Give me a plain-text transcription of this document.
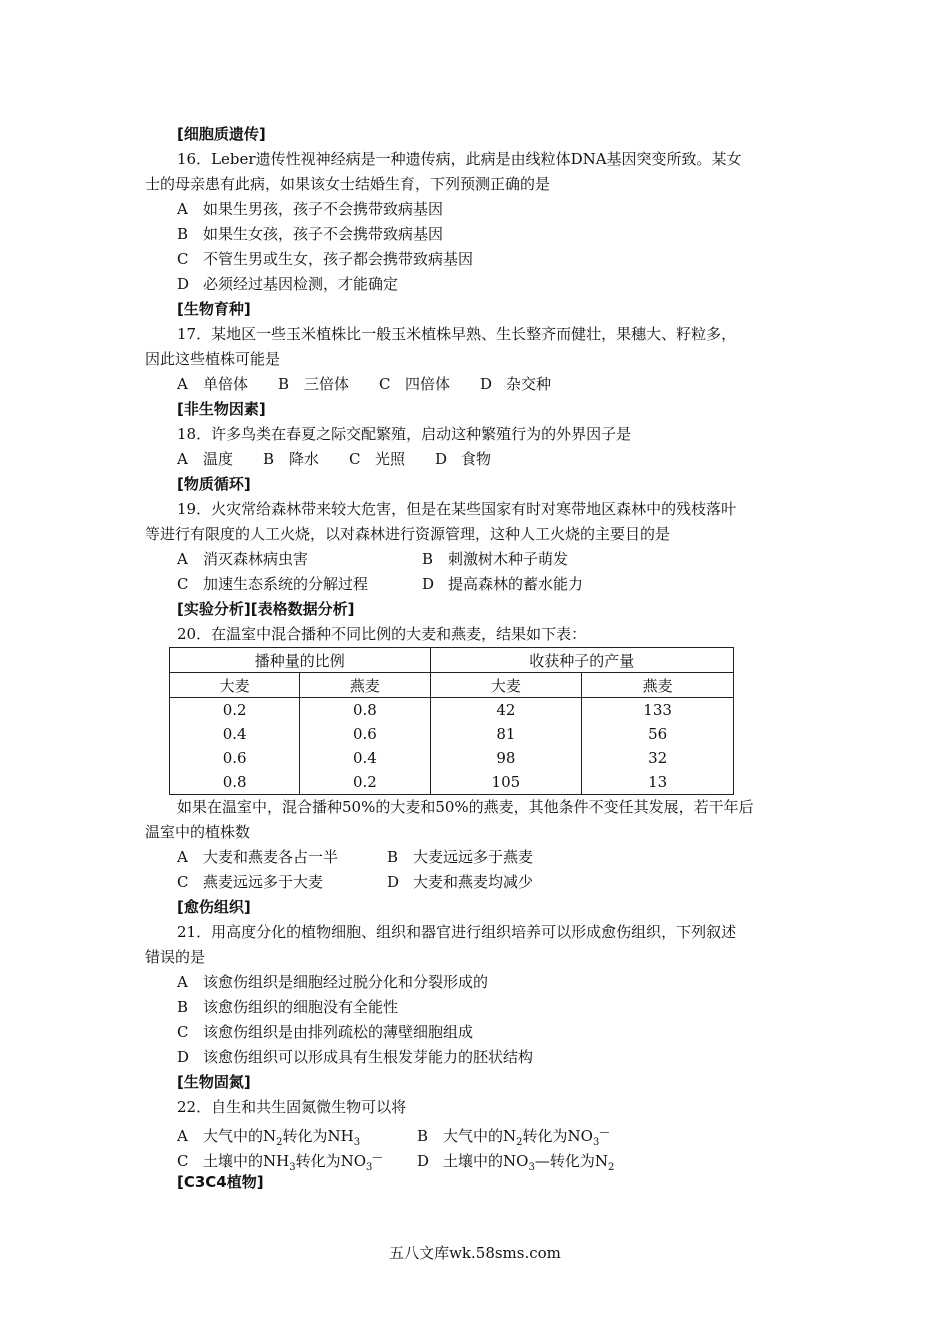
[细胞质遗传]
16．Leber遗传性视神经病是一种遗传病，此病是由线粒体DNA基因突变所致。某女
士的母亲患有此病，如果该女士结婚生育，下列预测正确的是
A	如果生男孩，孩子不会携带致病基因
B 如果生女孩，孩子不会携带致病基因
C 不管生男或生女，孩子都会携带致病基因
D 必须经过基因检测，才能确定
[生物育种]
17．某地区一些玉米植株比一般玉米植株早熟、生长整齐而健壮，果穗大、籽粒多，
因此这些植株可能是
A 单倍体 B 三倍体 C 四倍体 D 杂交种
[非生物因素]
18．许多鸟类在春夏之际交配繁殖，启动这种繁殖行为的外界因子是
A 温度 B 降水 C 光照 D 食物
[物质循环]
19．火灾常给森林带来较大危害，但是在某些国家有时对寒带地区森林中的残枝落叶
等进行有限度的人工火烧，以对森林进行资源管理，这种人工火烧的主要目的是
A 消灭森林病虫害	B 刺激树木种子萌发
C 加速生态系统的分解过程	D 提高森林的蓄水能力
[实验分析][表格数据分析]
20．在温室中混合播种不同比例的大麦和燕麦，结果如下表：
播种量的比例		收获种子的产量	
大麦	燕麦	大麦	燕麦
0.2	0.8	42	133
0.4	0.6	81	56
0.6	0.4	98	32
0.8	0.2	105	13
如果在温室中，混合播种50%的大麦和50%的燕麦，其他条件不变任其发展，若干年后
温室中的植株数
A 大麦和燕麦各占一半	B 大麦远远多于燕麦
C 燕麦远远多于大麦	D 大麦和燕麦均减少
[愈伤组织]
21．用高度分化的植物细胞、组织和器官进行组织培养可以形成愈伤组织，下列叙述
错误的是
A	该愈伤组织是细胞经过脱分化和分裂形成的
B 该愈伤组织的细胞没有全能性
C 该愈伤组织是由排列疏松的薄壁细胞组成
D 该愈伤组织可以形成具有生根发芽能力的胚状结构
[生物固氮]
22．自生和共生固氮微生物可以将
A 大气中的$N_2$转化为$NH_3$	B 大气中的$N_2$转化为$NO_3^—$
C 土壤中的$NH_3$转化为$NO_3^—$	D 土壤中的$NO_3—$转化为$N_2$
[C3C4植物]
五八文库wk.58sms.com
